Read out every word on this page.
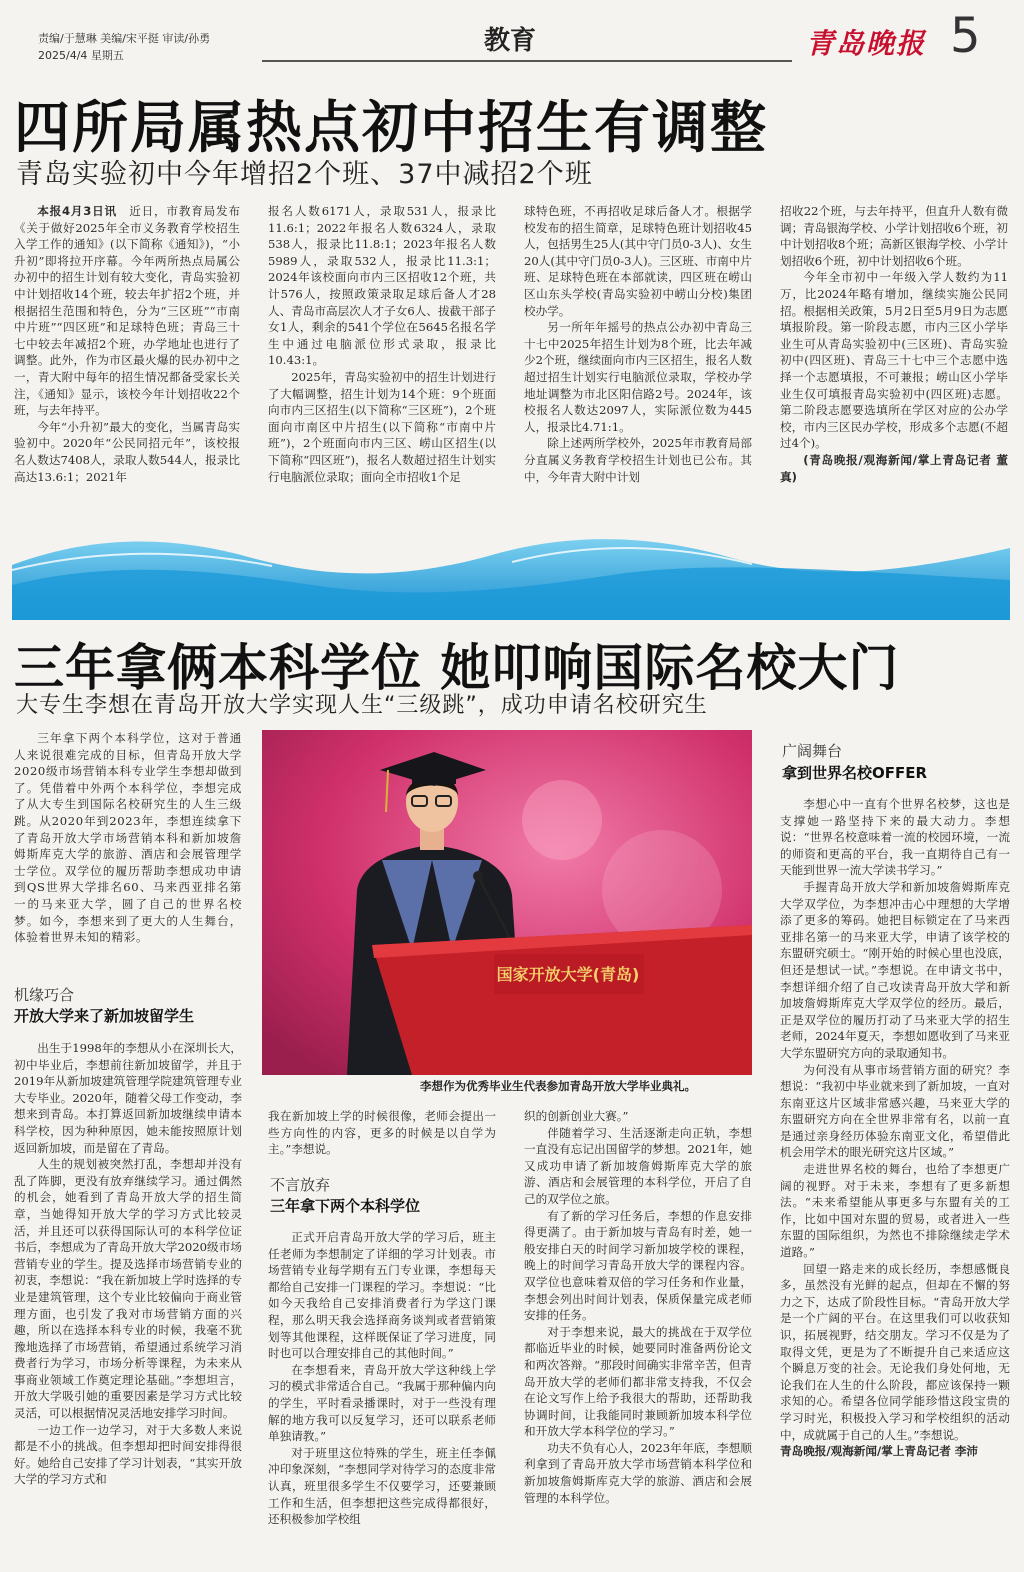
责编/于慧琳 美编/宋平挺 审读/孙勇
2025/4/4 星期五	教育	青岛晚报 5
四所局属热点初中招生有调整
青岛实验初中今年增招2个班、37中减招2个班

本报4月3日讯　 近日，市教育局发布《关于做好2025年全市义务教育学校招生入学工作的通知》(以下简称《通知》)，“小升初”即将拉开序幕。今年两所热点局属公办初中的招生计划有较大变化，青岛实验初中计划招收14个班，较去年扩招2个班，并根据招生范围和特色，分为“三区班”“市南中片班”“四区班”和足球特色班；青岛三十七中较去年减招2个班，办学地址也进行了调整。此外，作为市区最火爆的民办初中之一，青大附中每年的招生情况都备受家长关注，《通知》显示，该校今年计划招收22个班，与去年持平。

今年“小升初”最大的变化，当属青岛实验初中。2020年“公民同招元年”，该校报名人数达7408人，录取人数544人，报录比高达13.6:1；2021年

报名人数6171人，录取531人，报录比11.6:1；2022年报名人数6324人，录取538人，报录比11.8:1；2023年报名人数5989人，录取532人，报录比11.3:1；2024年该校面向市内三区招收12个班，共计576人，按照政策录取足球后备人才28人、青岛市高层次人才子女6人、拔截干部子女1人，剩余的541个学位在5645名报名学生中通过电脑派位形式录取，报录比10.43:1。

2025年，青岛实验初中的招生计划进行了大幅调整，招生计划为14个班：9个班面向市内三区招生(以下简称“三区班”)，2个班面向市南区中片招生(以下简称“市南中片班”)，2个班面向市内三区、崂山区招生(以下简称“四区班”)，报名人数超过招生计划实行电脑派位录取；面向全市招收1个足

球特色班，不再招收足球后备人才。根据学校发布的招生简章，足球特色班计划招收45人，包括男生25人(其中守门员0-3人)、女生20人(其中守门员0-3人)。三区班、市南中片班、足球特色班在本部就读，四区班在崂山区山东头学校(青岛实验初中崂山分校)集团校办学。

另一所年年摇号的热点公办初中青岛三十七中2025年招生计划为8个班，比去年减少2个班，继续面向市内三区招生，报名人数超过招生计划实行电脑派位录取，学校办学地址调整为市北区阳信路2号。2024年，该校报名人数达2097人，实际派位数为445人，报录比4.71:1。

除上述两所学校外，2025年市教育局部分直属义务教育学校招生计划也已公布。其中，今年青大附中计划

招收22个班，与去年持平，但直升人数有微调；青岛银海学校、小学计划招收6个班，初中计划招收8个班；高新区银海学校、小学计划招收6个班，初中计划招收6个班。

今年全市初中一年级入学人数约为11万，比2024年略有增加，继续实施公民同招。根据相关政策，5月2日至5月9日为志愿填报阶段。第一阶段志愿，市内三区小学毕业生可从青岛实验初中(三区班)、青岛实验初中(四区班)、青岛三十七中三个志愿中选择一个志愿填报，不可兼报；崂山区小学毕业生仅可填报青岛实验初中(四区班)志愿。第二阶段志愿要选填所在学区对应的公办学校，市内三区民办学校，形成多个志愿(不超过4个)。

(青岛晚报/观海新闻/掌上青岛记者 董真)

三年拿俩本科学位 她叩响国际名校大门
大专生李想在青岛开放大学实现人生“三级跳”，成功申请名校研究生

三年拿下两个本科学位，这对于普通人来说很难完成的目标，但青岛开放大学2020级市场营销本科专业学生李想却做到了。凭借着中外两个本科学位，李想完成了从大专生到国际名校研究生的人生三级跳。从2020年到2023年，李想连续拿下了青岛开放大学市场营销本科和新加坡詹姆斯库克大学的旅游、酒店和会展管理学士学位。双学位的履历帮助李想成功申请到QS世界大学排名60、马来西亚排名第一的马来亚大学，圆了自己的世界名校梦。如今，李想来到了更大的人生舞台，体验着世界未知的精彩。

机缘巧合
开放大学来了新加坡留学生

出生于1998年的李想从小在深圳长大，初中毕业后，李想前往新加坡留学，并且于2019年从新加坡建筑管理学院建筑管理专业大专毕业。2020年，随着父母工作变动，李想来到青岛。本打算返回新加坡继续申请本科学校，因为种种原因，她未能按照原计划返回新加坡，而是留在了青岛。

人生的规划被突然打乱，李想却并没有乱了阵脚，更没有放弃继续学习。通过偶然的机会，她看到了青岛开放大学的招生简章，当她得知开放大学的学习方式比较灵活，并且还可以获得国际认可的本科学位证书后，李想成为了青岛开放大学2020级市场营销专业的学生。提及选择市场营销专业的初衷，李想说：“我在新加坡上学时选择的专业是建筑管理，这个专业比较偏向于商业管理方面，也引发了我对市场营销方面的兴趣，所以在选择本科专业的时候，我毫不犹豫地选择了市场营销，希望通过系统学习消费者行为学习，市场分析等课程，为未来从事商业领域工作奠定理论基础。”李想坦言，开放大学吸引她的重要因素是学习方式比较灵活，可以根据情况灵活地安排学习时间。

一边工作一边学习，对于大多数人来说都是不小的挑战。但李想却把时间安排得很好。她给自己安排了学习计划表，“其实开放大学的学习方式和

国家开放大学(青岛)
李想作为优秀毕业生代表参加青岛开放大学毕业典礼。

我在新加坡上学的时候很像，老师会提出一些方向性的内容，更多的时候是以自学为主。”李想说。

不言放弃
三年拿下两个本科学位

正式开启青岛开放大学的学习后，班主任老师为李想制定了详细的学习计划表。市场营销专业每学期有五门专业课，李想每天都给自己安排一门课程的学习。李想说：“比如今天我给自己安排消费者行为学这门课程，那么明天我会选择商务谈判或者营销策划等其他课程，这样既保证了学习进度，同时也可以合理安排自己的其他时间。”

在李想看来，青岛开放大学这种线上学习的模式非常适合自己。“我属于那种偏内向的学生，平时看录播课时，对于一些没有理解的地方我可以反复学习，还可以联系老师单独请教。”

对于班里这位特殊的学生，班主任李佩冲印象深刻，“李想同学对待学习的态度非常认真，班里很多学生不仅要学习，还要兼顾工作和生活，但李想把这些完成得都很好，还积极参加学校组

织的创新创业大赛。”

伴随着学习、生活逐渐走向正轨，李想一直没有忘记出国留学的梦想。2021年，她又成功申请了新加坡詹姆斯库克大学的旅游、酒店和会展管理的本科学位，开启了自己的双学位之旅。

有了新的学习任务后，李想的作息安排得更满了。由于新加坡与青岛有时差，她一般安排白天的时间学习新加坡学校的课程，晚上的时间学习青岛开放大学的课程内容。双学位也意味着双倍的学习任务和作业量，李想会列出时间计划表，保质保量完成老师安排的任务。

对于李想来说，最大的挑战在于双学位都临近毕业的时候，她要同时准备两份论文和两次答辩。“那段时间确实非常辛苦，但青岛开放大学的老师们都非常支持我，不仅会在论文写作上给予我很大的帮助，还帮助我协调时间，让我能同时兼顾新加坡本科学位和开放大学本科学位的学习。”

功夫不负有心人，2023年年底，李想顺利拿到了青岛开放大学市场营销本科学位和新加坡詹姆斯库克大学的旅游、酒店和会展管理的本科学位。

广阔舞台
拿到世界名校OFFER

李想心中一直有个世界名校梦，这也是支撑她一路坚持下来的最大动力。李想说：“世界名校意味着一流的校园环境，一流的师资和更高的平台，我一直期待自己有一天能到世界一流大学读书学习。”

手握青岛开放大学和新加坡詹姆斯库克大学双学位，为李想冲击心中理想的大学增添了更多的筹码。她把目标锁定在了马来西亚排名第一的马来亚大学，申请了该学校的东盟研究硕士。“刚开始的时候心里也没底，但还是想试一试。”李想说。在申请文书中，李想详细介绍了自己攻读青岛开放大学和新加坡詹姆斯库克大学双学位的经历。最后，正是双学位的履历打动了马来亚大学的招生老师，2024年夏天，李想如愿收到了马来亚大学东盟研究方向的录取通知书。

为何没有从事市场营销方面的研究？李想说：“我初中毕业就来到了新加坡，一直对东南亚这片区域非常感兴趣，马来亚大学的东盟研究方向在全世界非常有名，以前一直是通过亲身经历体验东南亚文化，希望借此机会用学术的眼光研究这片区域。”

走进世界名校的舞台，也给了李想更广阔的视野。对于未来，李想有了更多新想法。“未来希望能从事更多与东盟有关的工作，比如中国对东盟的贸易，或者进入一些东盟的国际组织，为然也不排除继续走学术道路。”

回望一路走来的成长经历，李想感慨良多，虽然没有光鲜的起点，但却在不懈的努力之下，达成了阶段性目标。“青岛开放大学是一个广阔的平台。在这里我们可以收获知识，拓展视野，结交朋友。学习不仅是为了取得文凭，更是为了不断提升自己来适应这个瞬息万变的社会。无论我们身处何地，无论我们在人生的什么阶段，都应该保持一颗求知的心。希望各位同学能珍惜这段宝贵的学习时光，积极投入学习和学校组织的活动中，成就属于自己的人生。”李想说。

青岛晚报/观海新闻/掌上青岛记者 李沛
